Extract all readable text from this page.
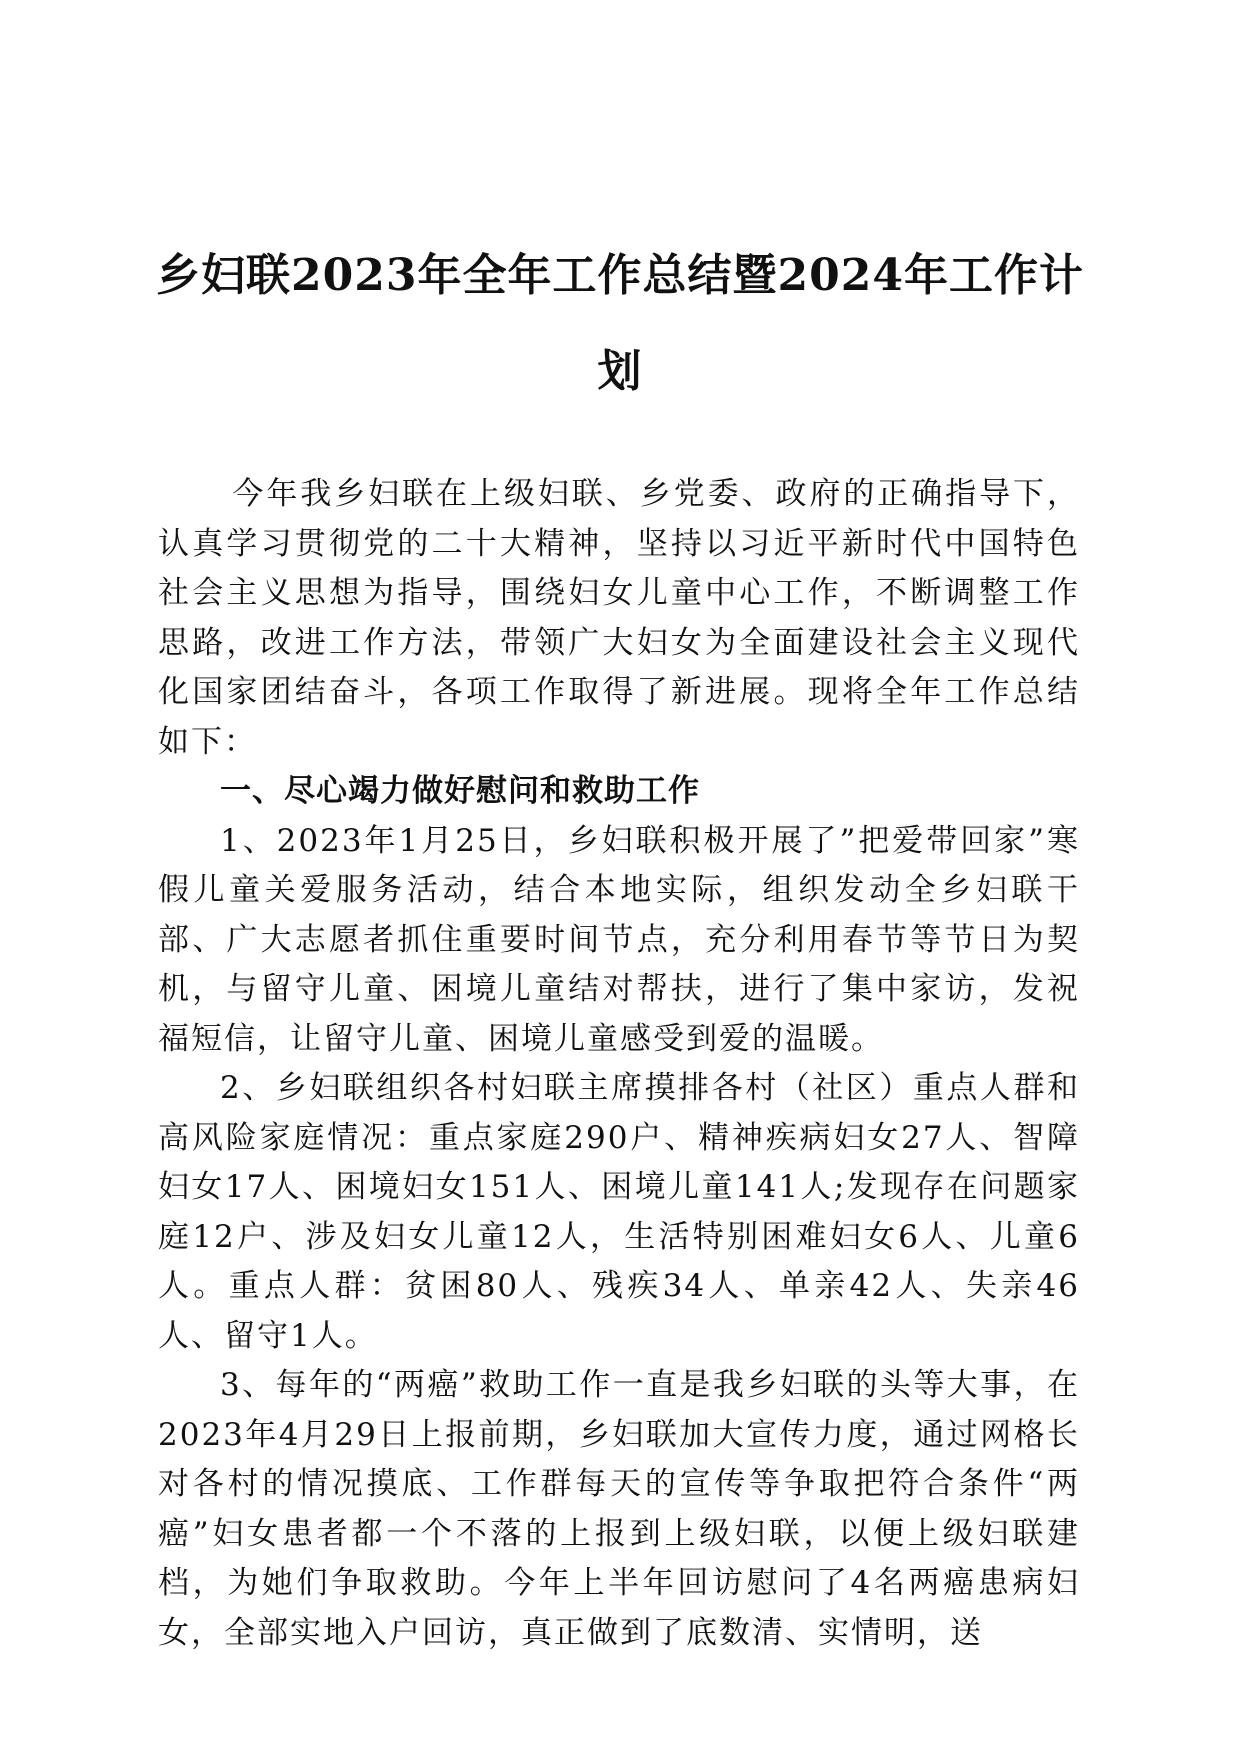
乡妇联2023年全年工作总结暨2024年工作计划

今年我乡妇联在上级妇联、乡党委、政府的正确指导下，认真学习贯彻党的二十大精神，坚持以习近平新时代中国特色社会主义思想为指导，围绕妇女儿童中心工作，不断调整工作思路，改进工作方法，带领广大妇女为全面建设社会主义现代化国家团结奋斗，各项工作取得了新进展。现将全年工作总结如下：

一、尽心竭力做好慰问和救助工作

1、2023年1月25日，乡妇联积极开展了”把爱带回家”寒假儿童关爱服务活动，结合本地实际，组织发动全乡妇联干部、广大志愿者抓住重要时间节点，充分利用春节等节日为契机，与留守儿童、困境儿童结对帮扶，进行了集中家访，发祝福短信，让留守儿童、困境儿童感受到爱的温暖。

2、乡妇联组织各村妇联主席摸排各村（社区）重点人群和高风险家庭情况：重点家庭290户、精神疾病妇女27人、智障妇女17人、困境妇女151人、困境儿童141人;发现存在问题家庭12户、涉及妇女儿童12人，生活特别困难妇女6人、儿童6人。重点人群：贫困80人、残疾34人、单亲42人、失亲46人、留守1人。

3、每年的“两癌”救助工作一直是我乡妇联的头等大事，在2023年4月29日上报前期，乡妇联加大宣传力度，通过网格长对各村的情况摸底、工作群每天的宣传等争取把符合条件“两癌”妇女患者都一个不落的上报到上级妇联，以便上级妇联建档，为她们争取救助。今年上半年回访慰问了4名两癌患病妇女，全部实地入户回访，真正做到了底数清、实情明，送
